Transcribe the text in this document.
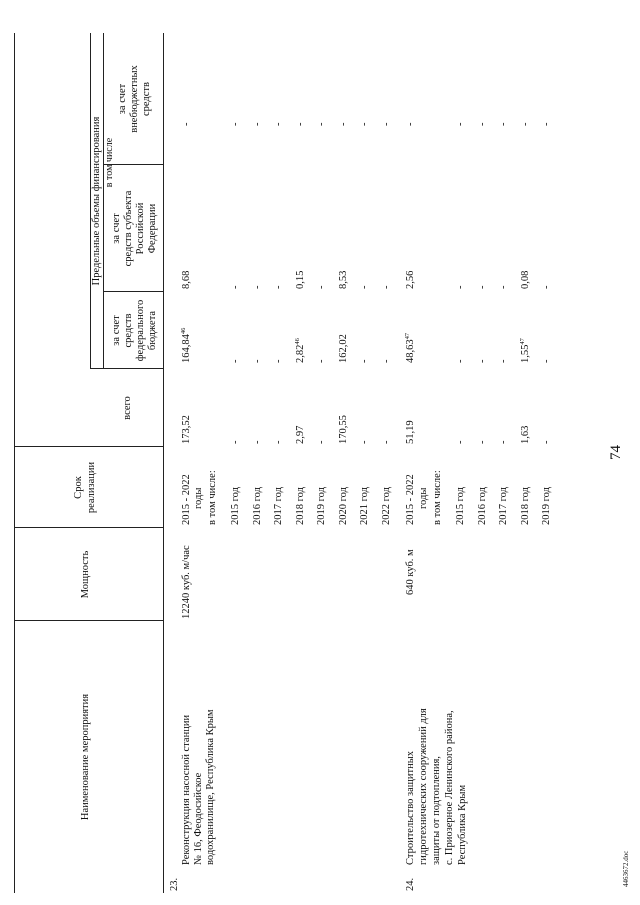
Наименование мероприятия
Мощность
Срок реализации
Предельные объемы финансирования в том числе
всего
за счет средств федерального бюджета
за счет средств субъекта Российской Федерации
за счет внебюджетных средств
23.
Реконструкция насосной станции № 16, Феодосийское водохранилище, Республика Крым
12240 куб. м/час
2015 - 2022 годы
173,52
164,84$^{46}$
8,68
-
в том числе: 2015 год
-
-
-
-
2016 год
-
-
-
-
2017 год
-
-
-
-
2018 год
2,97
2,82$^{46}$
0,15
-
2019 год
-
-
-
-
2020 год
170,55
162,02
8,53
-
2021 год
-
-
-
-
2022 год
-
-
-
-
24.
Строительство защитных гидротехнических сооружений для защиты от подтопления, с. Приозерное Ленинского района, Республика Крым
640 куб. м
2015 - 2022 годы
51,19
48,63$^{47}$
2,56
-
в том числе: 2015 год
-
-
-
-
2016 год
-
-
-
-
2017 год
-
-
-
-
2018 год
1,63
1,55$^{47}$
0,08
-
2019 год
-
-
-
-
74
4463672.doc
